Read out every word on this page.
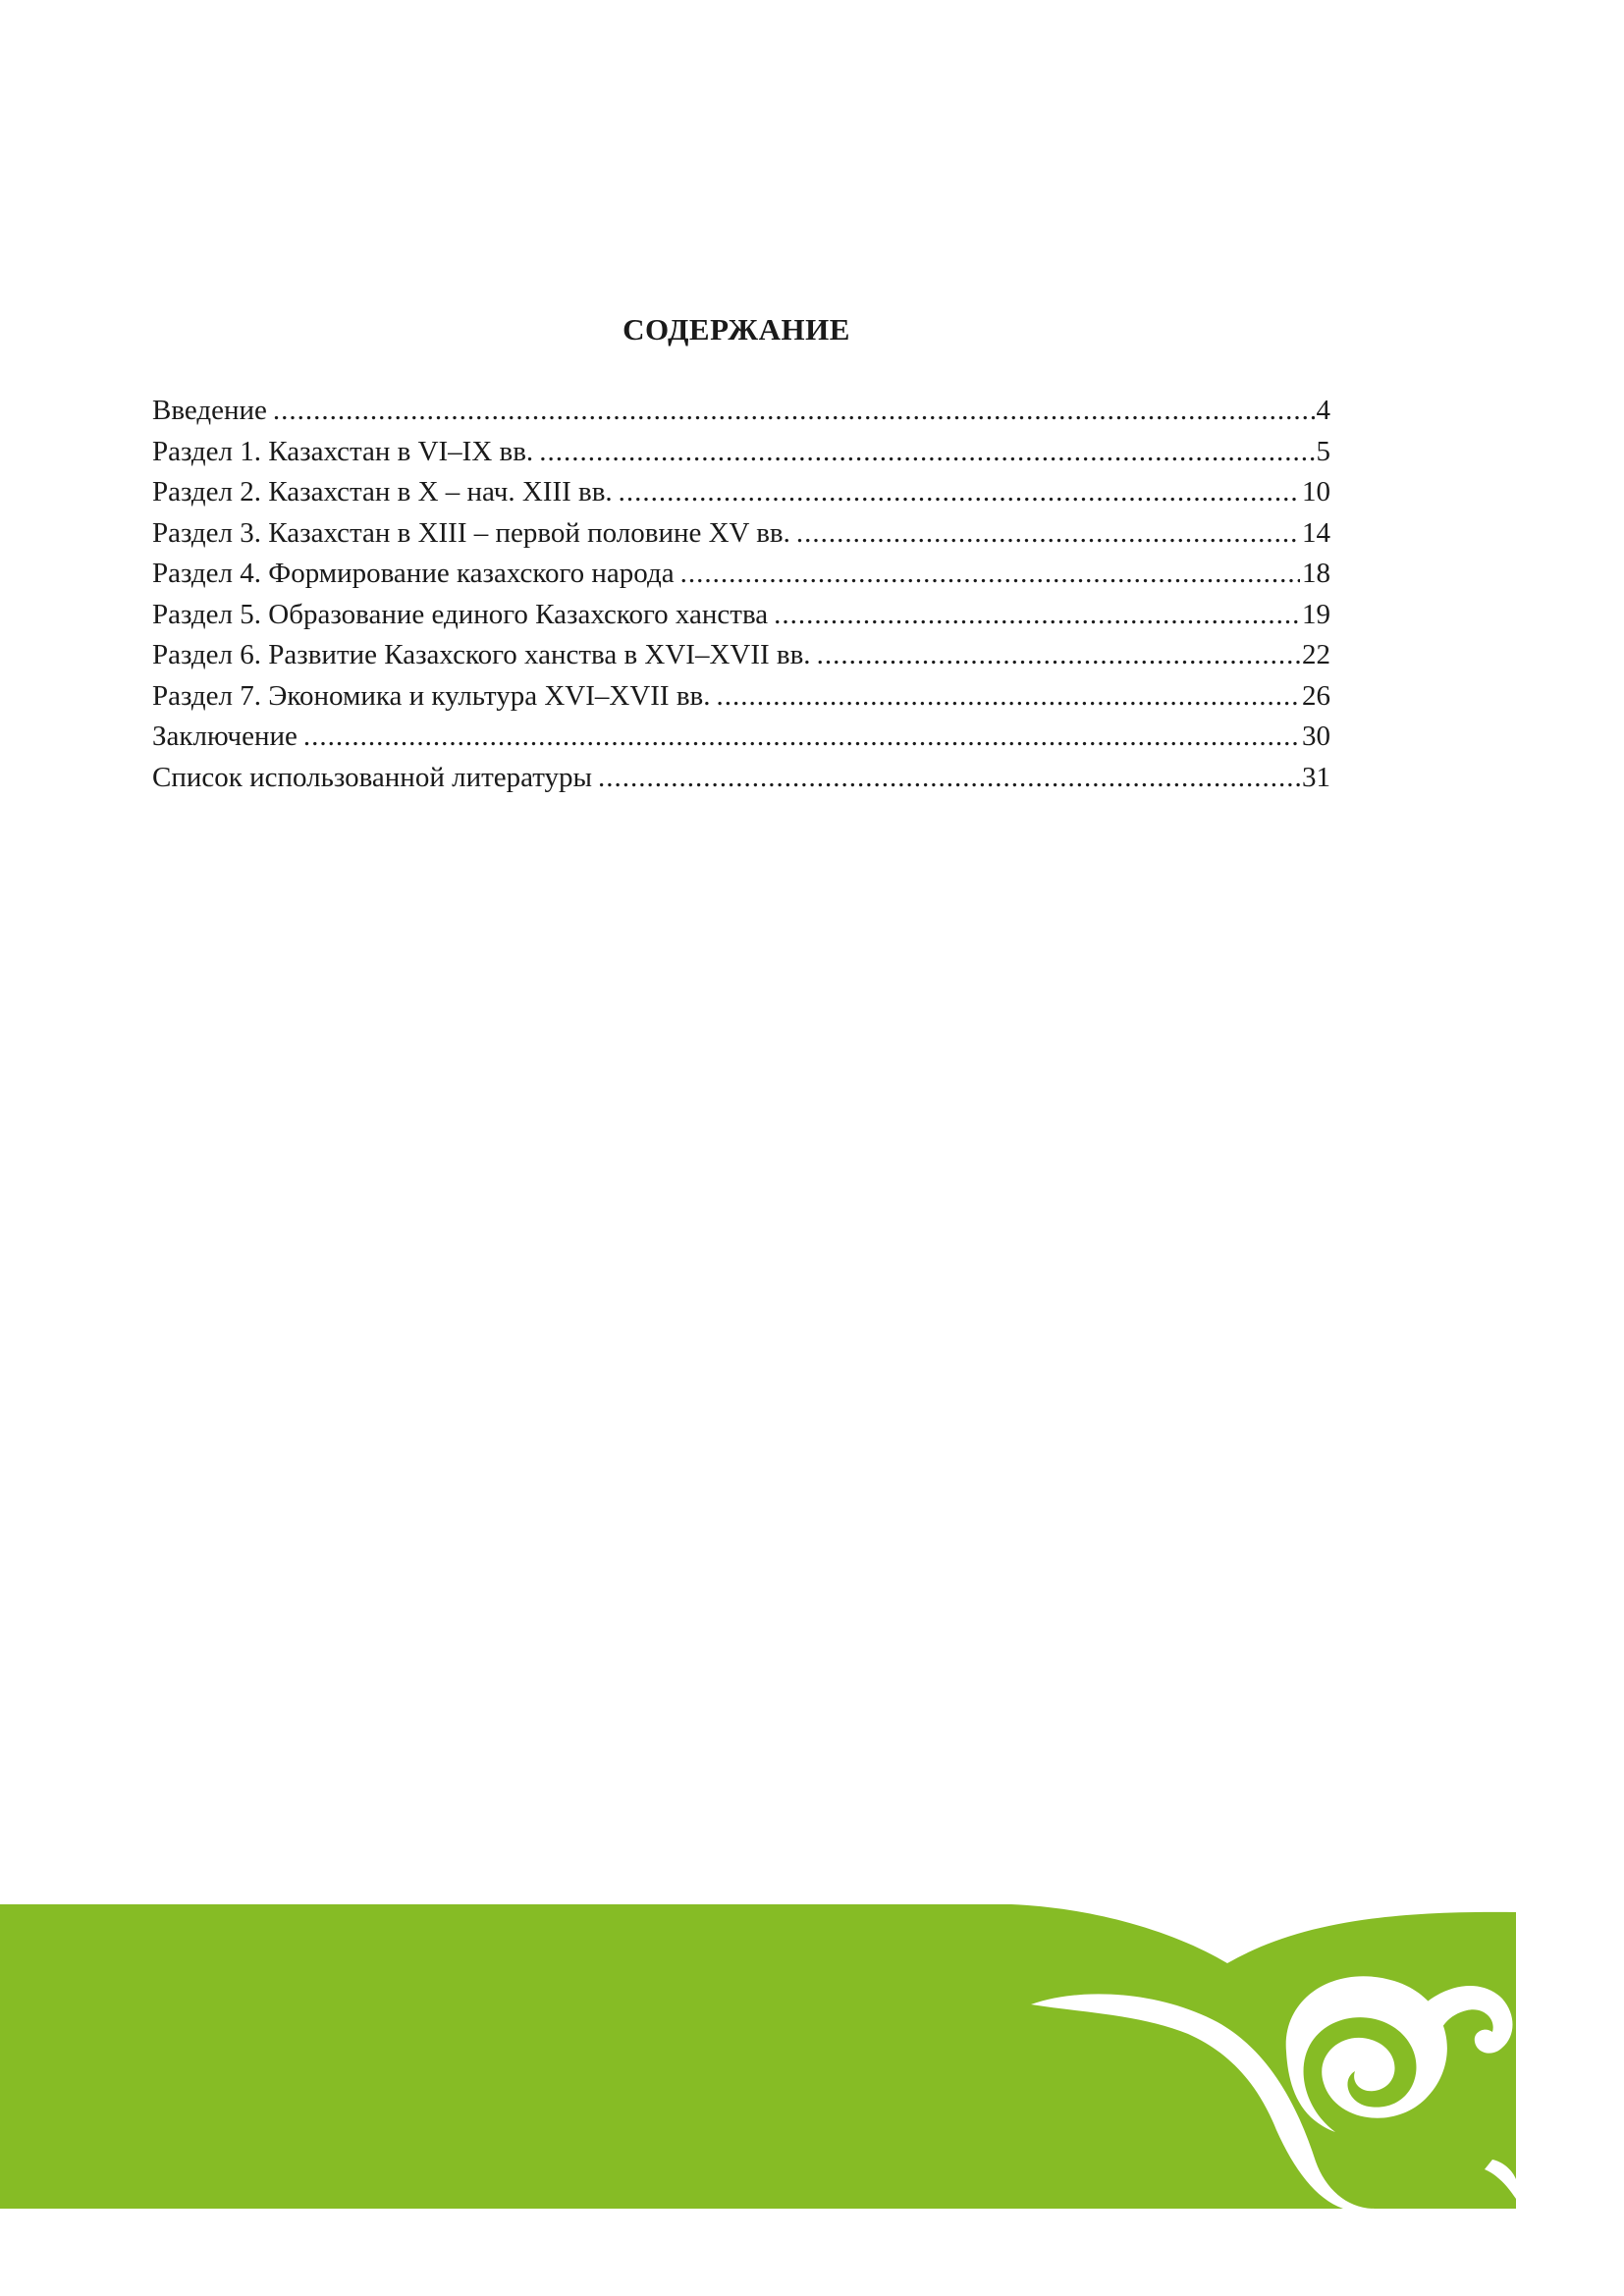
СОДЕРЖАНИЕ
Введение .....	4
Раздел 1. Казахстан в VI–IX вв. .....	5
Раздел 2. Казахстан в X – нач. XIII вв. .....	10
Раздел 3. Казахстан в XIII – первой половине XV вв. .....	14
Раздел 4. Формирование казахского народа .....	18
Раздел 5. Образование единого Казахского ханства .....	19
Раздел 6. Развитие Казахского ханства в XVI–XVII вв. .....	22
Раздел 7. Экономика и культура XVI–XVII вв. .....	26
Заключение .....	30
Список использованной литературы .....	31
